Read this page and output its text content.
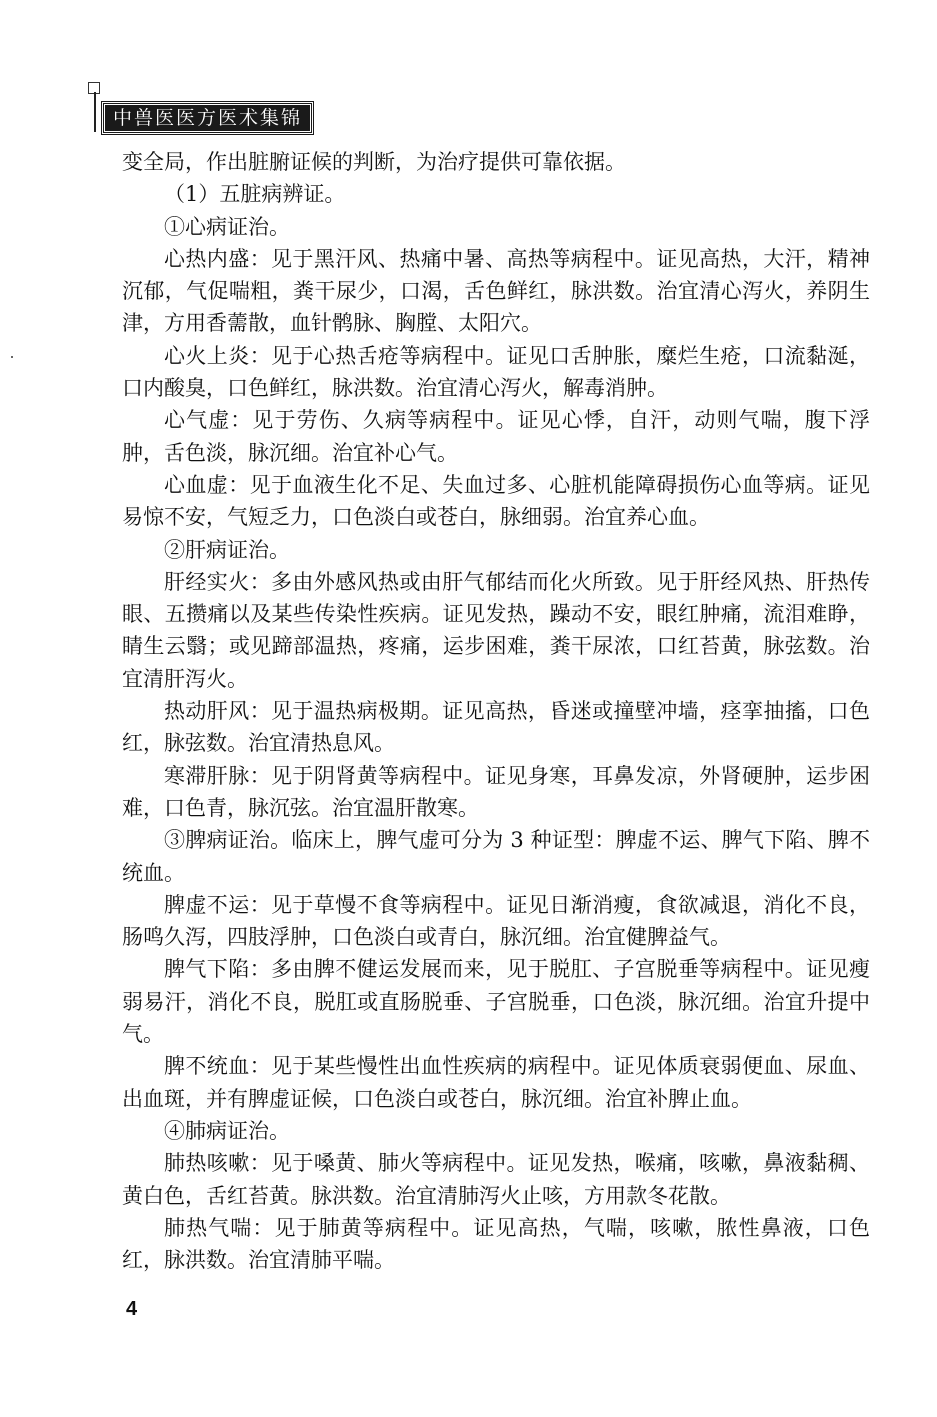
中兽医医方医术集锦

变全局，作出脏腑证候的判断，为治疗提供可靠依据。

（1）五脏病辨证。

①心病证治。

心热内盛：见于黑汗风、热痛中暑、高热等病程中。证见高热，大汗，精神沉郁，气促喘粗，粪干尿少，口渴，舌色鲜红，脉洪数。治宜清心泻火，养阴生津，方用香薷散，血针鹘脉、胸膛、太阳穴。

心火上炎：见于心热舌疮等病程中。证见口舌肿胀，糜烂生疮，口流黏涎，口内酸臭，口色鲜红，脉洪数。治宜清心泻火，解毒消肿。

心气虚：见于劳伤、久病等病程中。证见心悸，自汗，动则气喘，腹下浮肿，舌色淡，脉沉细。治宜补心气。

心血虚：见于血液生化不足、失血过多、心脏机能障碍损伤心血等病。证见易惊不安，气短乏力，口色淡白或苍白，脉细弱。治宜养心血。

②肝病证治。

肝经实火：多由外感风热或由肝气郁结而化火所致。见于肝经风热、肝热传眼、五攒痛以及某些传染性疾病。证见发热，躁动不安，眼红肿痛，流泪难睁，睛生云翳；或见蹄部温热，疼痛，运步困难，粪干尿浓，口红苔黄，脉弦数。治宜清肝泻火。

热动肝风：见于温热病极期。证见高热，昏迷或撞壁冲墙，痉挛抽搐，口色红，脉弦数。治宜清热息风。

寒滞肝脉：见于阴肾黄等病程中。证见身寒，耳鼻发凉，外肾硬肿，运步困难，口色青，脉沉弦。治宜温肝散寒。

③脾病证治。临床上，脾气虚可分为 3 种证型：脾虚不运、脾气下陷、脾不统血。

脾虚不运：见于草慢不食等病程中。证见日渐消瘦，食欲减退，消化不良，肠鸣久泻，四肢浮肿，口色淡白或青白，脉沉细。治宜健脾益气。

脾气下陷：多由脾不健运发展而来，见于脱肛、子宫脱垂等病程中。证见瘦弱易汗，消化不良，脱肛或直肠脱垂、子宫脱垂，口色淡，脉沉细。治宜升提中气。

脾不统血：见于某些慢性出血性疾病的病程中。证见体质衰弱便血、尿血、出血斑，并有脾虚证候，口色淡白或苍白，脉沉细。治宜补脾止血。

④肺病证治。

肺热咳嗽：见于嗓黄、肺火等病程中。证见发热，喉痛，咳嗽，鼻液黏稠、黄白色，舌红苔黄。脉洪数。治宜清肺泻火止咳，方用款冬花散。

肺热气喘：见于肺黄等病程中。证见高热，气喘，咳嗽，脓性鼻液，口色红，脉洪数。治宜清肺平喘。

4
